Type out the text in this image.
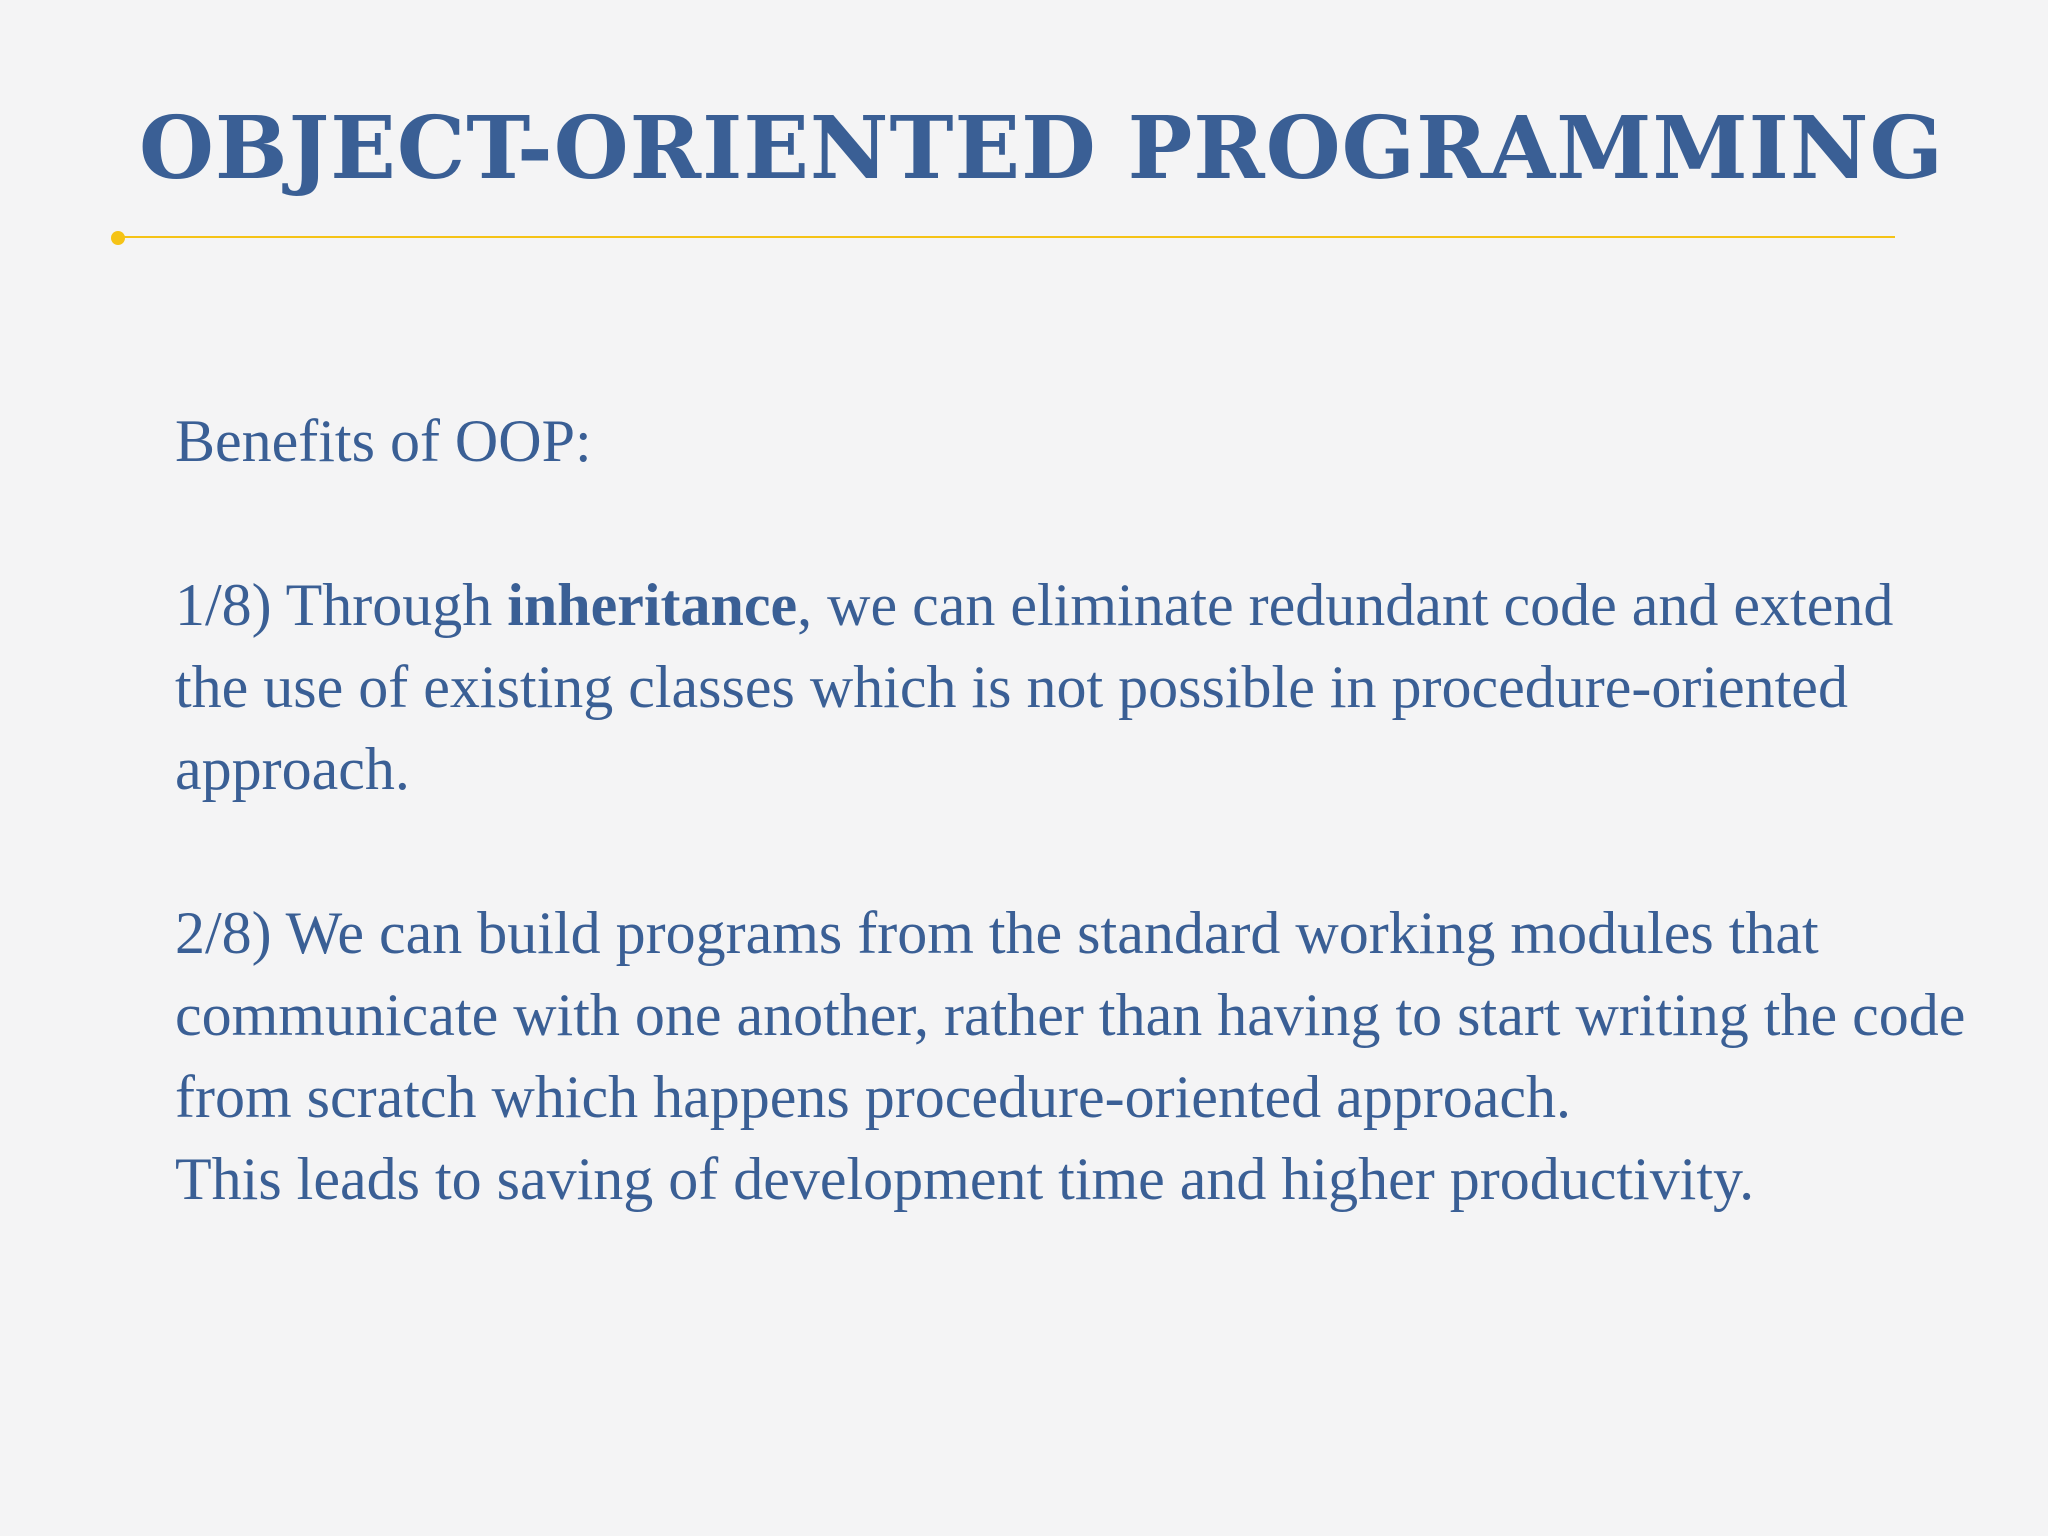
OBJECT-ORIENTED PROGRAMMING

Benefits of OOP:

1/8) Through inheritance, we can eliminate redundant code and extend the use of existing classes which is not possible in procedure-oriented approach.

2/8) We can build programs from the standard working modules that communicate with one another, rather than having to start writing the code from scratch which happens procedure-oriented approach.
This leads to saving of development time and higher productivity.
